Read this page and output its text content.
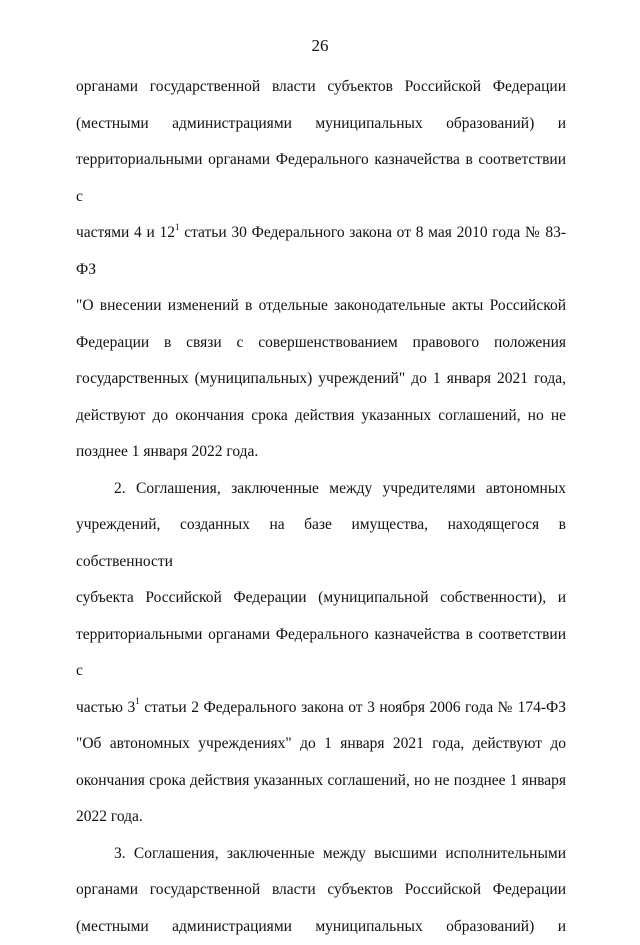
26

органами государственной власти субъектов Российской Федерации
(местными администрациями муниципальных образований) и
территориальными органами Федерального казначейства в соответствии с
частями 4 и $12^1$ статьи 30 Федерального закона от 8 мая 2010 года № 83-ФЗ
"О внесении изменений в отдельные законодательные акты Российской
Федерации в связи с совершенствованием правового положения
государственных (муниципальных) учреждений" до 1 января 2021 года,
действуют до окончания срока действия указанных соглашений, но не
позднее 1 января 2022 года.

2. Соглашения, заключенные между учредителями автономных
учреждений, созданных на базе имущества, находящегося в собственности
субъекта Российской Федерации (муниципальной собственности), и
территориальными органами Федерального казначейства в соответствии с
частью $3^1$ статьи 2 Федерального закона от 3 ноября 2006 года № 174-ФЗ
"Об автономных учреждениях" до 1 января 2021 года, действуют до
окончания срока действия указанных соглашений, но не позднее 1 января
2022 года.

3. Соглашения, заключенные между высшими исполнительными
органами государственной власти субъектов Российской Федерации
(местными администрациями муниципальных образований) и
